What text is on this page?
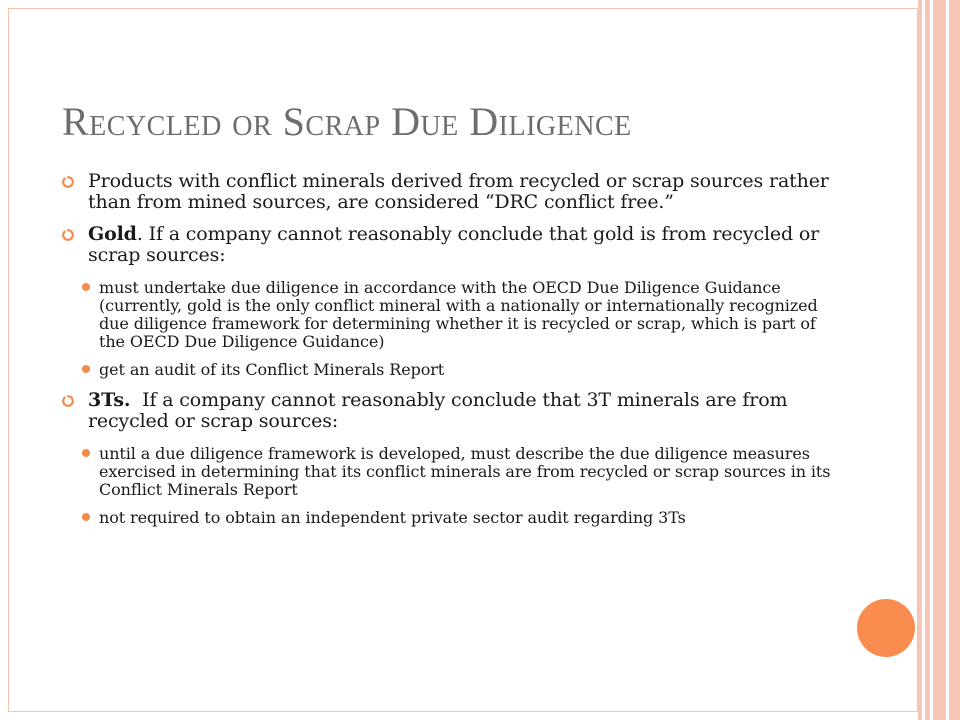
Recycled or Scrap Due Diligence
Products with conflict minerals derived from recycled or scrap sources rather than from mined sources, are considered “DRC conflict free.”
Gold. If a company cannot reasonably conclude that gold is from recycled or scrap sources:
must undertake due diligence in accordance with the OECD Due Diligence Guidance (currently, gold is the only conflict mineral with a nationally or internationally recognized due diligence framework for determining whether it is recycled or scrap, which is part of the OECD Due Diligence Guidance)
get an audit of its Conflict Minerals Report
3Ts.  If a company cannot reasonably conclude that 3T minerals are from recycled or scrap sources:
until a due diligence framework is developed, must describe the due diligence measures exercised in determining that its conflict minerals are from recycled or scrap sources in its Conflict Minerals Report
not required to obtain an independent private sector audit regarding 3Ts
